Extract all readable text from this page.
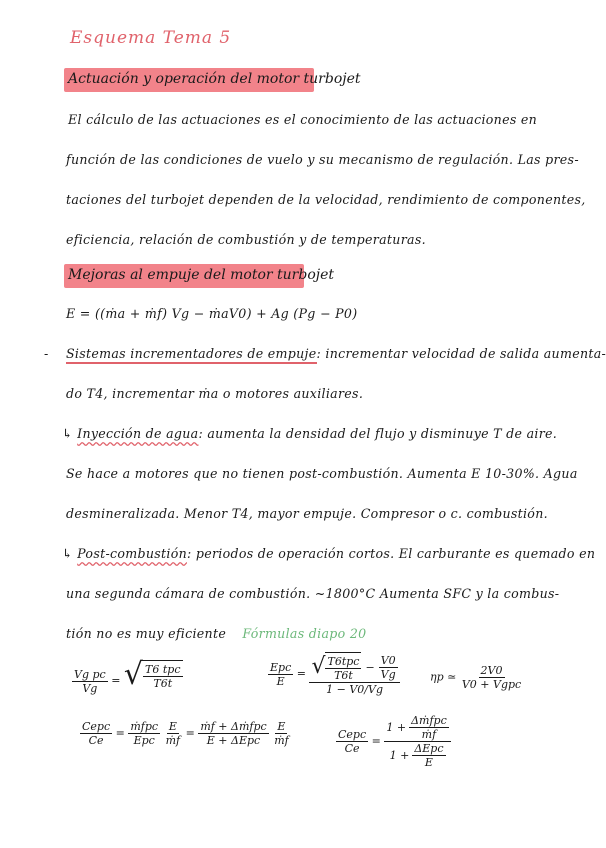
Esquema Tema 5
Actuación y operación del motor turbojet
El cálculo de las actuaciones es el conocimiento de las actuaciones en
función de las condiciones de vuelo y su mecanismo de regulación. Las pres-
taciones del turbojet dependen de la velocidad, rendimiento de componentes,
eficiencia, relación de combustión y de temperaturas.
Mejoras al empuje del motor turbojet
E = ((ṁa + ṁf) Vg − ṁaV0) + Ag (Pg − P0)
- Sistemas incrementadores de empuje: incrementar velocidad de salida aumenta-
do T4, incrementar ṁa o motores auxiliares.
↳ Inyección de agua: aumenta la densidad del flujo y disminuye T de aire.
Se hace a motores que no tienen post-combustión. Aumenta E 10-30%. Agua
desmineralizada. Menor T4, mayor empuje. Compresor o c. combustión.
↳ Post-combustión: periodos de operación cortos. El carburante es quemado en
una segunda cámara de combustión. ~1800°C Aumenta SFC y la combus-
tión no es muy eficiente Fórmulas diapo 20
$\frac{\text{Vg pc}}{Vg}$ = √ $\frac{\text{T6 tpc}}{T6t}$	$\frac{\text{Epc}}{E}$ = √ $\frac{\text{T6tpc}}{T6t} - \frac{V0}{Vg}$
1 − V0/Vg
ηp ≃ $\frac{2V0}{\text{V0 + Vgpc}}$
$\frac{\text{Cepc}}{Ce} = \frac{\text{ṁfpc}}{\text{Epc}}$
$\frac{E}{\text{ṁf}} = \frac{\text{ṁf + Δṁfpc}}{\text{E + ΔEpc}}$
$\frac{E}{\text{ṁf}}$	$\frac{\text{Cepc}}{Ce} = \frac{1 + \frac{\text{Δṁfpc}}{\text{ṁf}}}{1 + \frac{\text{ΔEpc}}{E}}$
